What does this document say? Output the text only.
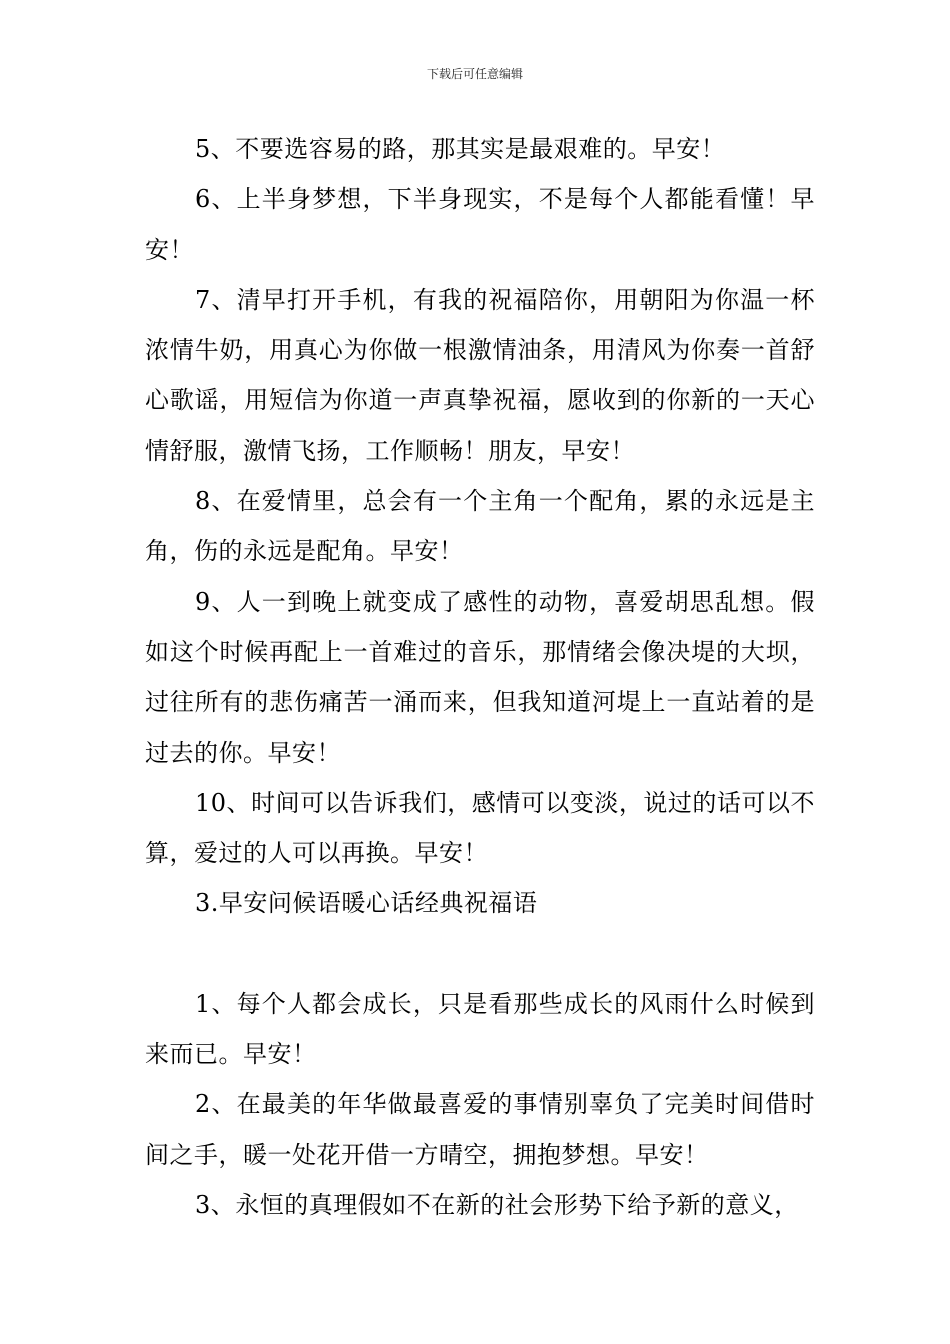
下载后可任意编辑

5、不要选容易的路，那其实是最艰难的。早安！

6、上半身梦想，下半身现实，不是每个人都能看懂！早安！

7、清早打开手机，有我的祝福陪你，用朝阳为你温一杯浓情牛奶，用真心为你做一根激情油条，用清风为你奏一首舒心歌谣，用短信为你道一声真挚祝福，愿收到的你新的一天心情舒服，激情飞扬，工作顺畅！朋友，早安！

8、在爱情里，总会有一个主角一个配角，累的永远是主角，伤的永远是配角。早安！

9、人一到晚上就变成了感性的动物，喜爱胡思乱想。假如这个时候再配上一首难过的音乐，那情绪会像决堤的大坝，过往所有的悲伤痛苦一涌而来，但我知道河堤上一直站着的是过去的你。早安！

10、时间可以告诉我们，感情可以变淡，说过的话可以不算，爱过的人可以再换。早安！

3.早安问候语暖心话经典祝福语

1、每个人都会成长，只是看那些成长的风雨什么时候到来而已。早安！

2、在最美的年华做最喜爱的事情别辜负了完美时间借时间之手，暖一处花开借一方晴空，拥抱梦想。早安！

3、永恒的真理假如不在新的社会形势下给予新的意义，
